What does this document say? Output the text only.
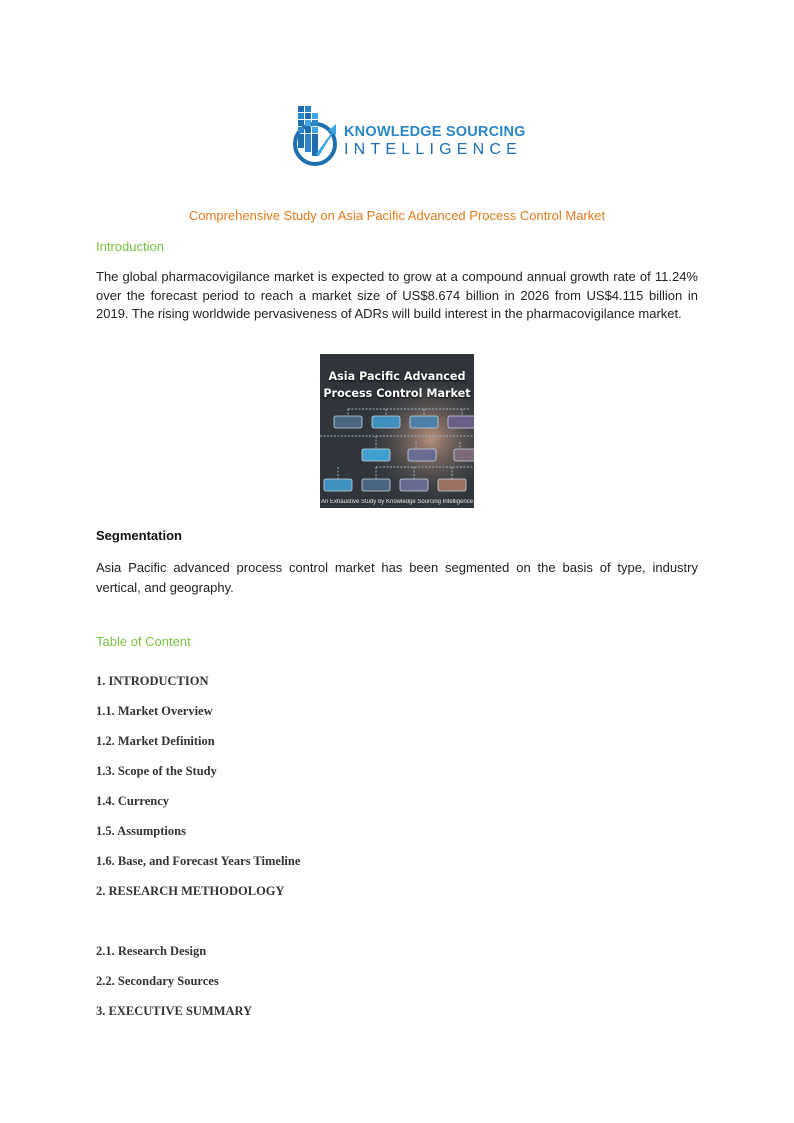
KNOWLEDGE SOURCING
INTELLIGENCE
Comprehensive Study on Asia Pacific Advanced Process Control Market
Introduction
The global pharmacovigilance market is expected to grow at a compound annual growth rate of 11.24% over the forecast period to reach a market size of US$8.674 billion in 2026 from US$4.115 billion in 2019. The rising worldwide pervasiveness of ADRs will build interest in the pharmacovigilance market.
Asia Pacific Advanced
Process Control Market
An Exhaustive Study by Knowledge Sourcing Intelligence
Segmentation
Asia Pacific advanced process control market has been segmented on the basis of type, industry vertical, and geography.
Table of Content
1. INTRODUCTION
1.1. Market Overview
1.2. Market Definition
1.3. Scope of the Study
1.4. Currency
1.5. Assumptions
1.6. Base, and Forecast Years Timeline
2. RESEARCH METHODOLOGY
2.1. Research Design
2.2. Secondary Sources
3. EXECUTIVE SUMMARY
